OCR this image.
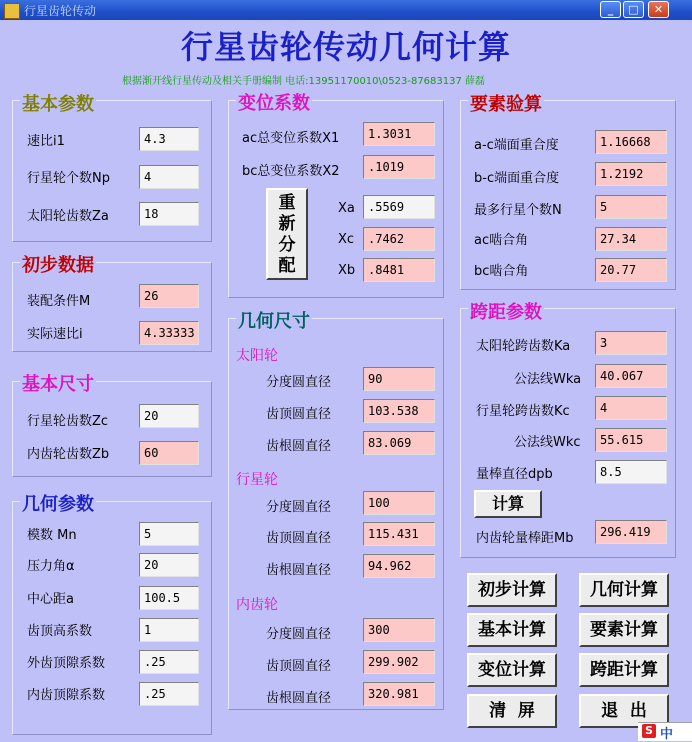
行星齿轮传动	_	□	✕
行星齿轮传动几何计算
根据渐开线行星传动及相关手册编制 电话:13951170010\0523-87683137 薛磊
基本参数
速比i1	4.3
行星轮个数Np	4
太阳轮齿数Za	18
初步数据
装配条件M	26
实际速比i	4.33333
基本尺寸
行星轮齿数Zc	20
内齿轮齿数Zb	60
几何参数
模数 Mn	5
压力角α	20
中心距a	100.5
齿顶高系数	1
外齿顶隙系数	.25
内齿顶隙系数	.25
变位系数
ac总变位系数X1	1.3031
bc总变位系数X2	.1019
重新分配
Xa	.5569
Xc	.7462
Xb	.8481
几何尺寸
太阳轮
分度圆直径	90
齿顶圆直径	103.538
齿根圆直径	83.069
行星轮
分度圆直径	100
齿顶圆直径	115.431
齿根圆直径	94.962
内齿轮
分度圆直径	300
齿顶圆直径	299.902
齿根圆直径	320.981
要素验算
a-c端面重合度	1.16668
b-c端面重合度	1.2192
最多行星个数N	5
ac啮合角	27.34
bc啮合角	20.77
跨距参数
太阳轮跨齿数Ka	3
公法线Wka	40.067
行星轮跨齿数Kc	4
公法线Wkc	55.615
量棒直径dpb	8.5
计算
内齿轮量棒距Mb	296.419
初步计算	几何计算
基本计算	要素计算
变位计算	跨距计算
清  屏	退  出
S 中
